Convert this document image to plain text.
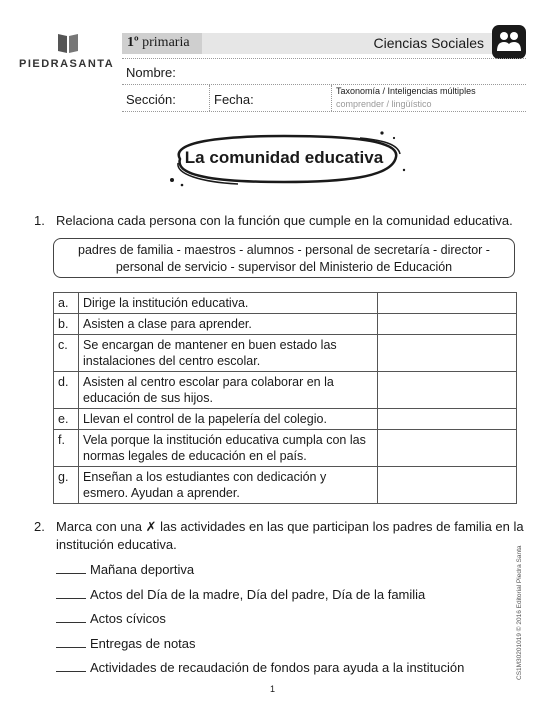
PIEDRASANTA
1º primaria	Ciencias Sociales
Nombre:
Sección:	Fecha:
Taxonomía / Inteligencias múltiples
comprender / lingüístico
La comunidad educativa
1. Relaciona cada persona con la función que cumple en la comunidad educativa.
padres de familia - maestros - alumnos - personal de secretaría - director -
personal de servicio - supervisor del Ministerio de Educación
a.	Dirige la institución educativa.	
b.	Asisten a clase para aprender.	
c.	Se encargan de mantener en buen estado las instalaciones del centro escolar.	
d.	Asisten al centro escolar para colaborar en la educación de sus hijos.	
e.	Llevan el control de la papelería del colegio.	
f.	Vela porque la institución educativa cumpla con las normas legales de educación en el país.	
g.	Enseñan a los estudiantes con dedicación y esmero. Ayudan a aprender.	
2. Marca con una ✗ las actividades en las que participan los padres de familia en la
institución educativa.
Mañana deportiva
Actos del Día de la madre, Día del padre, Día de la familia
Actos cívicos
Entregas de notas
Actividades de recaudación de fondos para ayuda a la institución	CS1M30201019 © 2016 Editorial Piedra Santa
1
